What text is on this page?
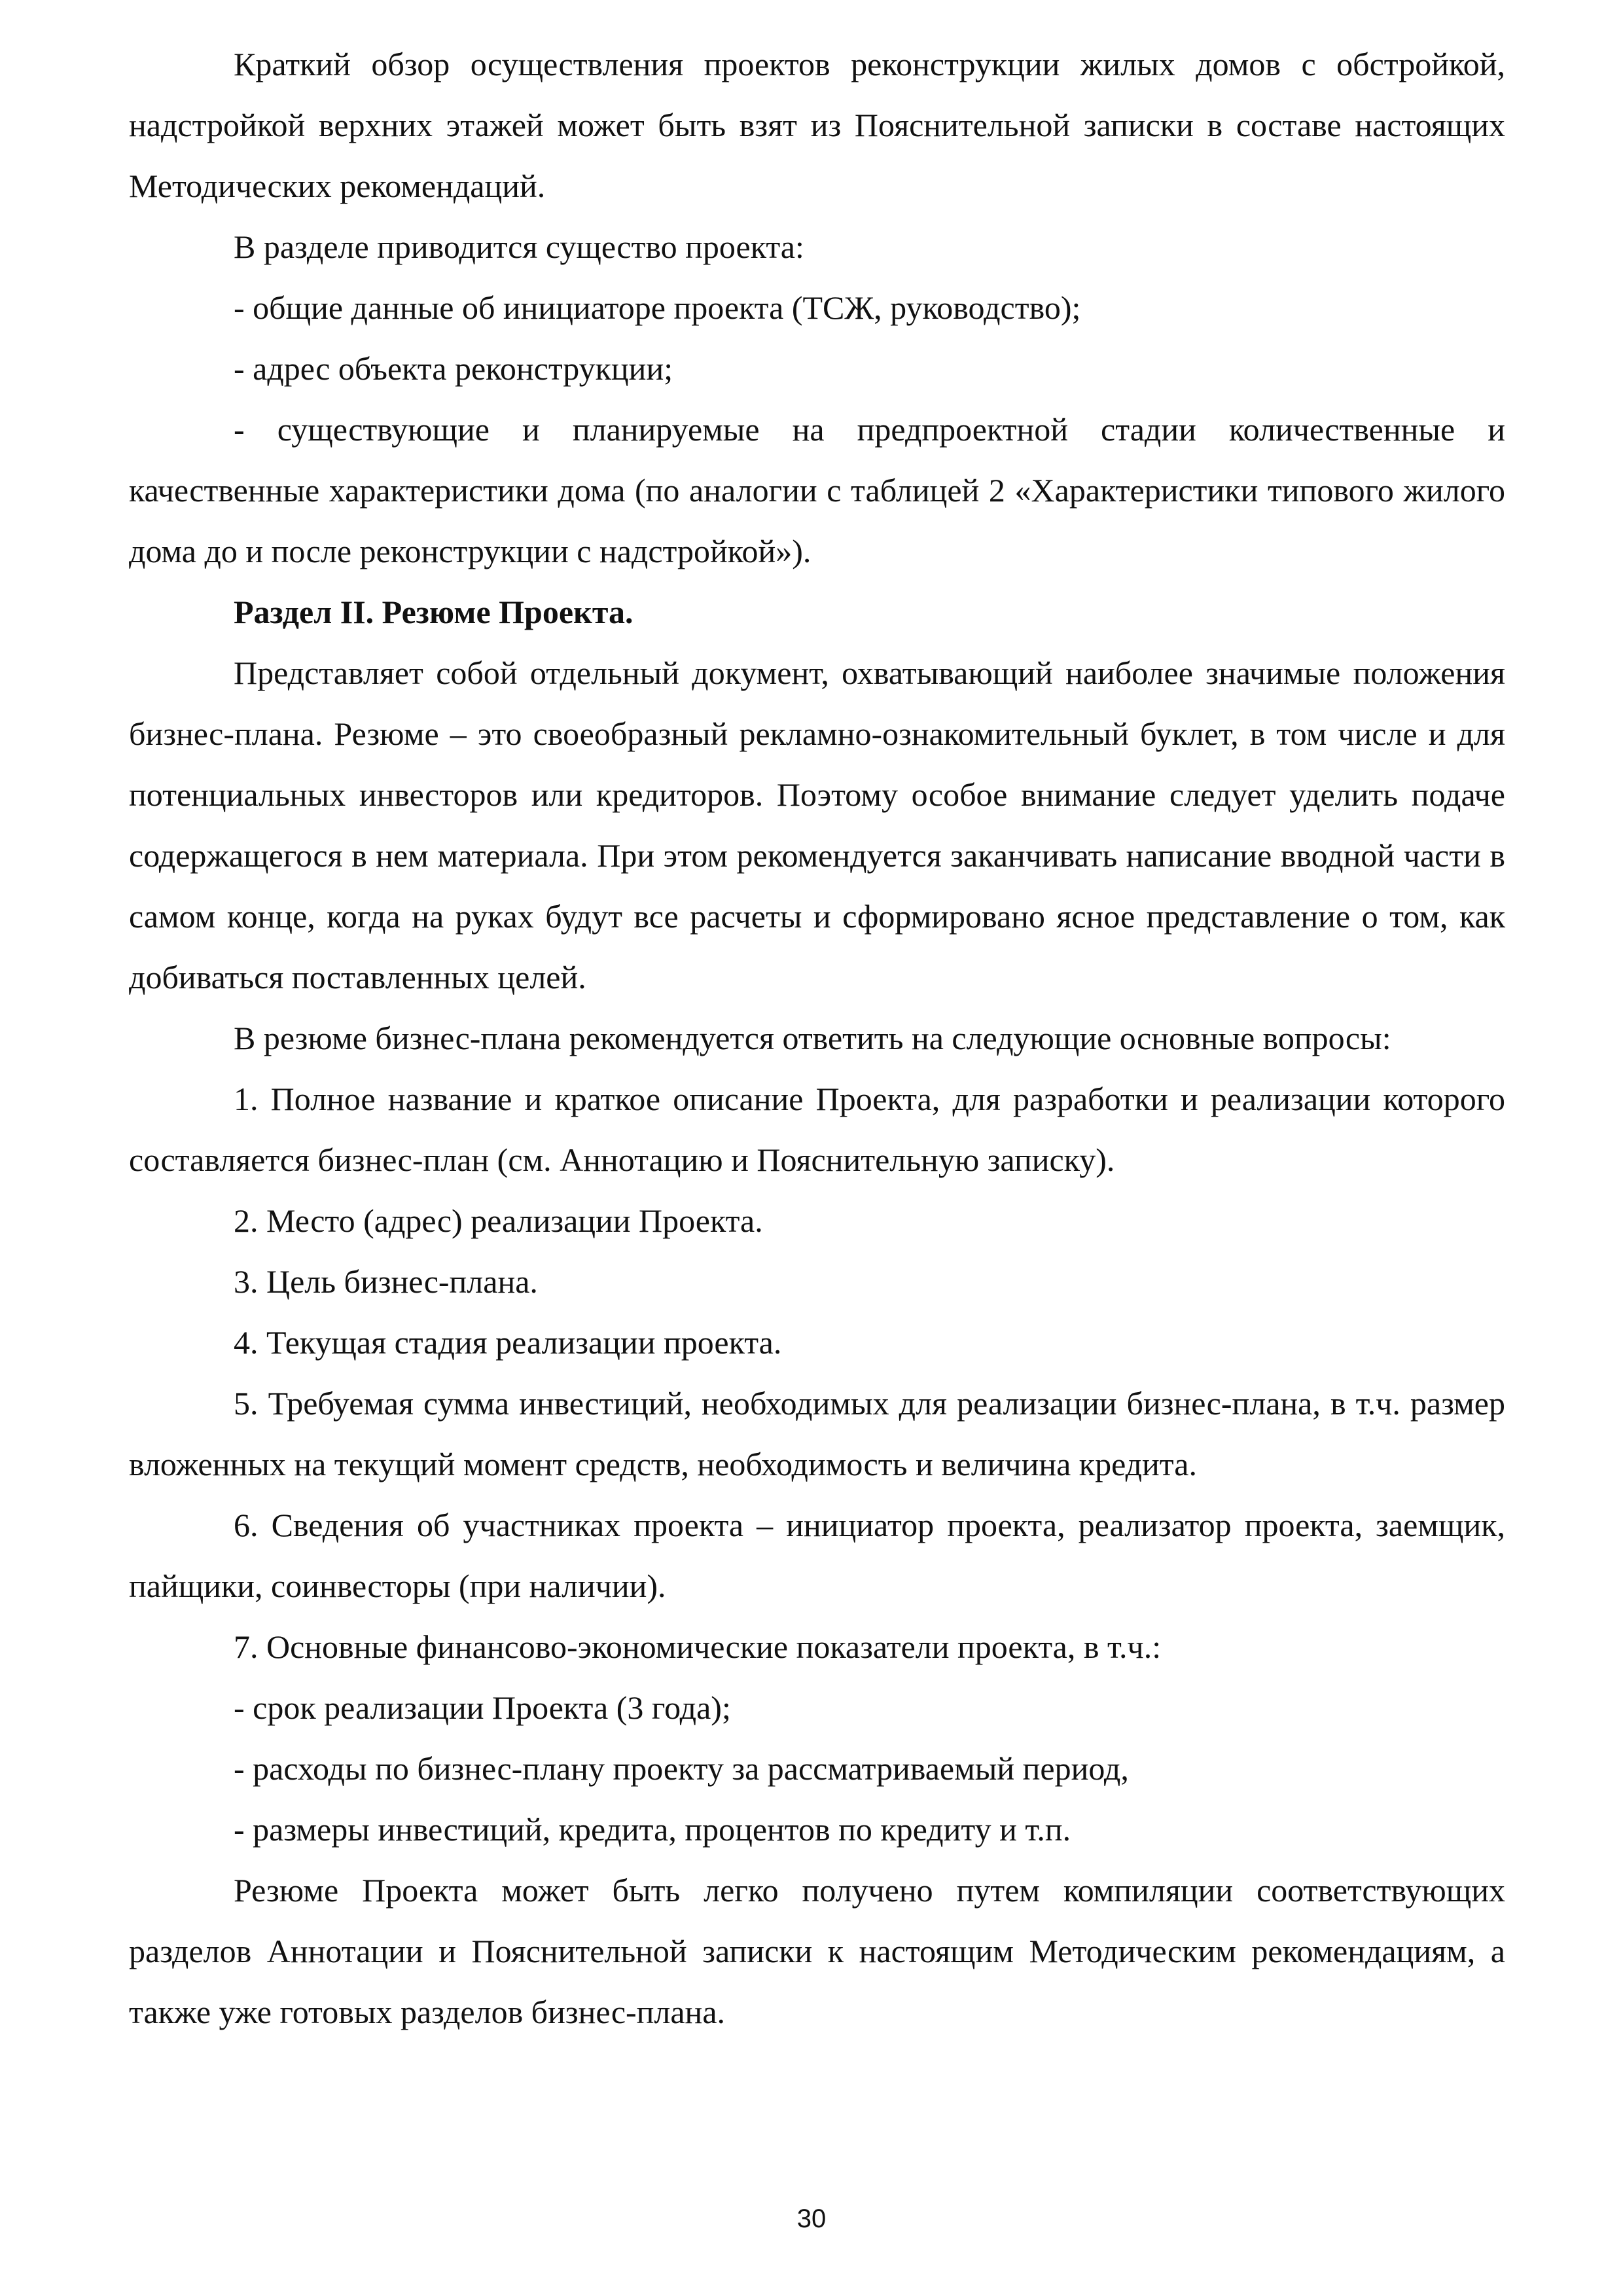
Краткий обзор осуществления проектов реконструкции жилых домов с обстройкой, надстройкой верхних этажей может быть взят из Пояснительной записки в составе настоящих Методических рекомендаций.

В разделе приводится существо проекта:

- общие данные об инициаторе проекта (ТСЖ, руководство);

- адрес объекта реконструкции;

- существующие и планируемые на предпроектной стадии количественные и качественные характеристики дома (по аналогии с таблицей 2 «Характеристики типового жилого дома до и после реконструкции с надстройкой»).

Раздел II. Резюме Проекта.

Представляет собой отдельный документ, охватывающий наиболее значимые положения бизнес-плана. Резюме – это своеобразный рекламно-ознакомительный буклет, в том числе и для потенциальных инвесторов или кредиторов. Поэтому особое внимание следует уделить подаче содержащегося в нем материала. При этом рекомендуется заканчивать написание вводной части в самом конце, когда на руках будут все расчеты и сформировано ясное представление о том, как добиваться поставленных целей.

В резюме бизнес-плана рекомендуется ответить на следующие основные вопросы:

1. Полное название и краткое описание Проекта, для разработки и реализации которого составляется бизнес-план (см. Аннотацию и Пояснительную записку).

2. Место (адрес) реализации Проекта.

3. Цель бизнес-плана.

4. Текущая стадия реализации проекта.

5. Требуемая сумма инвестиций, необходимых для реализации бизнес-плана, в т.ч. размер вложенных на текущий момент средств, необходимость и величина кредита.

6. Сведения об участниках проекта – инициатор проекта, реализатор проекта, заемщик, пайщики, соинвесторы (при наличии).

7. Основные финансово-экономические показатели проекта, в т.ч.:

- срок реализации Проекта (3 года);

- расходы по бизнес-плану проекту за рассматриваемый период,

- размеры инвестиций, кредита, процентов по кредиту и т.п.

Резюме Проекта может быть легко получено путем компиляции соответствующих разделов Аннотации и Пояснительной записки к настоящим Методическим рекомендациям, а также уже готовых разделов бизнес-плана.

30
